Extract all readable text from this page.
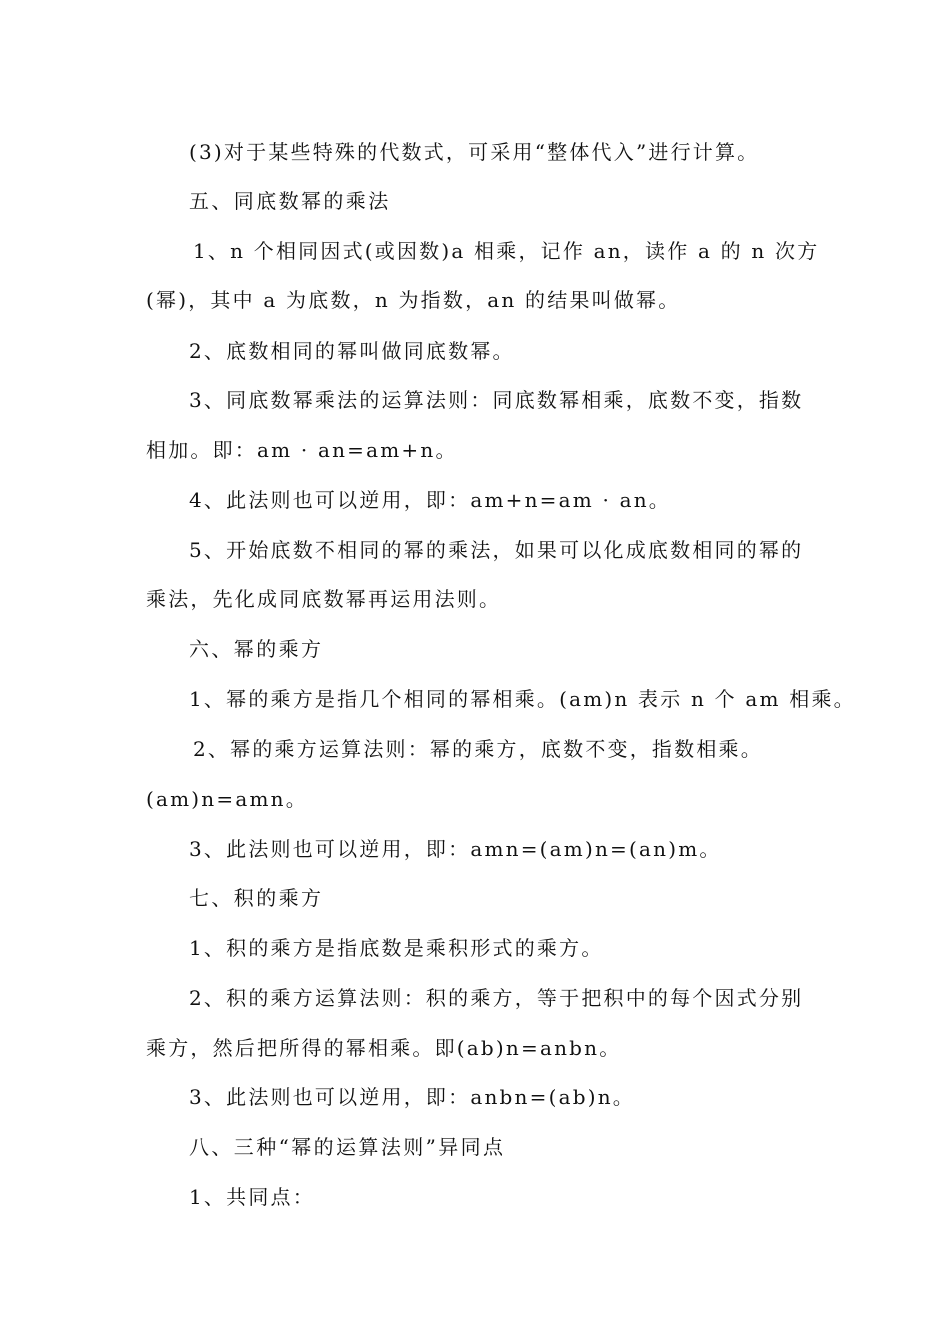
(3)对于某些特殊的代数式，可采用“整体代入”进行计算。
五、同底数幂的乘法
1、n 个相同因式(或因数)a 相乘，记作 an，读作 a 的 n 次方
(幂)，其中 a 为底数，n 为指数，an 的结果叫做幂。
2、底数相同的幂叫做同底数幂。
3、同底数幂乘法的运算法则：同底数幂相乘，底数不变，指数
相加。即：am · an=am+n。
4、此法则也可以逆用，即：am+n=am · an。
5、开始底数不相同的幂的乘法，如果可以化成底数相同的幂的
乘法，先化成同底数幂再运用法则。
六、幂的乘方
1、幂的乘方是指几个相同的幂相乘。(am)n 表示 n 个 am 相乘。
2、幂的乘方运算法则：幂的乘方，底数不变，指数相乘。
(am)n=amn。
3、此法则也可以逆用，即：amn=(am)n=(an)m。
七、积的乘方
1、积的乘方是指底数是乘积形式的乘方。
2、积的乘方运算法则：积的乘方，等于把积中的每个因式分别
乘方，然后把所得的幂相乘。即(ab)n=anbn。
3、此法则也可以逆用，即：anbn=(ab)n。
八、三种“幂的运算法则”异同点
1、共同点：
